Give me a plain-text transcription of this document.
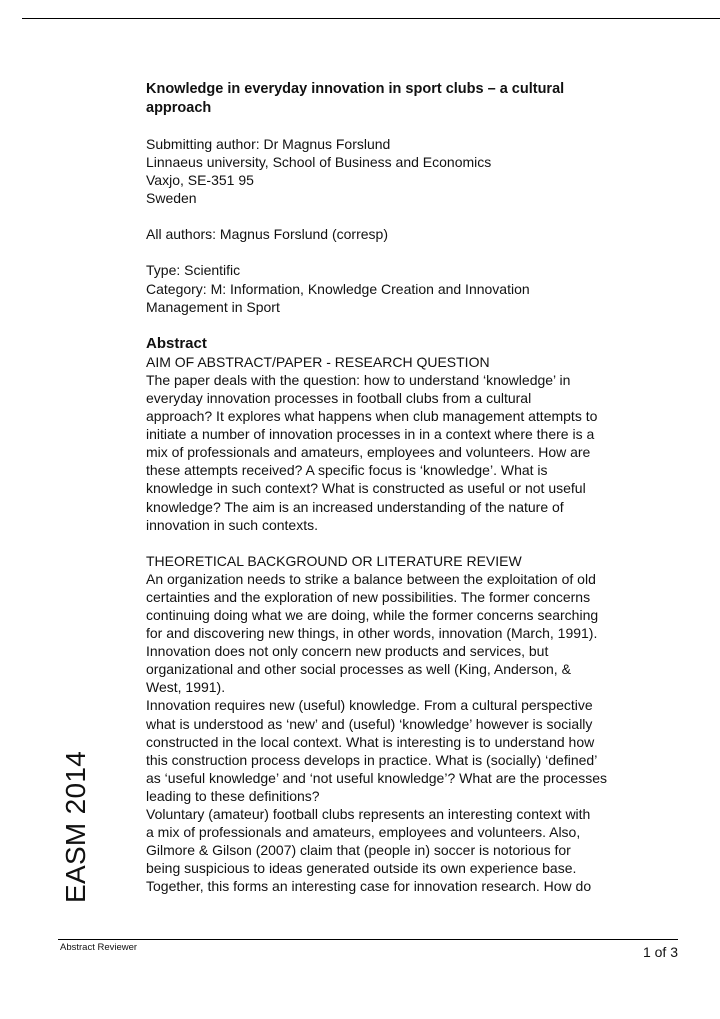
Knowledge in everyday innovation in sport clubs – a cultural
approach
Submitting author: Dr Magnus Forslund
Linnaeus university, School of Business and Economics
Vaxjo, SE-351 95
Sweden
All authors: Magnus Forslund (corresp)
Type: Scientific
Category: M: Information, Knowledge Creation and Innovation
Management in Sport
Abstract
AIM OF ABSTRACT/PAPER - RESEARCH QUESTION
The paper deals with the question: how to understand ‘knowledge’ in
everyday innovation processes in football clubs from a cultural
approach? It explores what happens when club management attempts to
initiate a number of innovation processes in in a context where there is a
mix of professionals and amateurs, employees and volunteers. How are
these attempts received? A specific focus is ‘knowledge’. What is
knowledge in such context? What is constructed as useful or not useful
knowledge? The aim is an increased understanding of the nature of
innovation in such contexts.
THEORETICAL BACKGROUND OR LITERATURE REVIEW
An organization needs to strike a balance between the exploitation of old
certainties and the exploration of new possibilities. The former concerns
continuing doing what we are doing, while the former concerns searching
for and discovering new things, in other words, innovation (March, 1991).
Innovation does not only concern new products and services, but
organizational and other social processes as well (King, Anderson, &
West, 1991).
Innovation requires new (useful) knowledge. From a cultural perspective
what is understood as ‘new’ and (useful) ‘knowledge’ however is socially
constructed in the local context. What is interesting is to understand how
this construction process develops in practice. What is (socially) ‘defined’
as ‘useful knowledge’ and ‘not useful knowledge’? What are the processes
leading to these definitions?
Voluntary (amateur) football clubs represents an interesting context with
a mix of professionals and amateurs, employees and volunteers. Also,
Gilmore & Gilson (2007) claim that (people in) soccer is notorious for
being suspicious to ideas generated outside its own experience base.
Together, this forms an interesting case for innovation research. How do
EASM 2014
Abstract Reviewer	1 of 3
